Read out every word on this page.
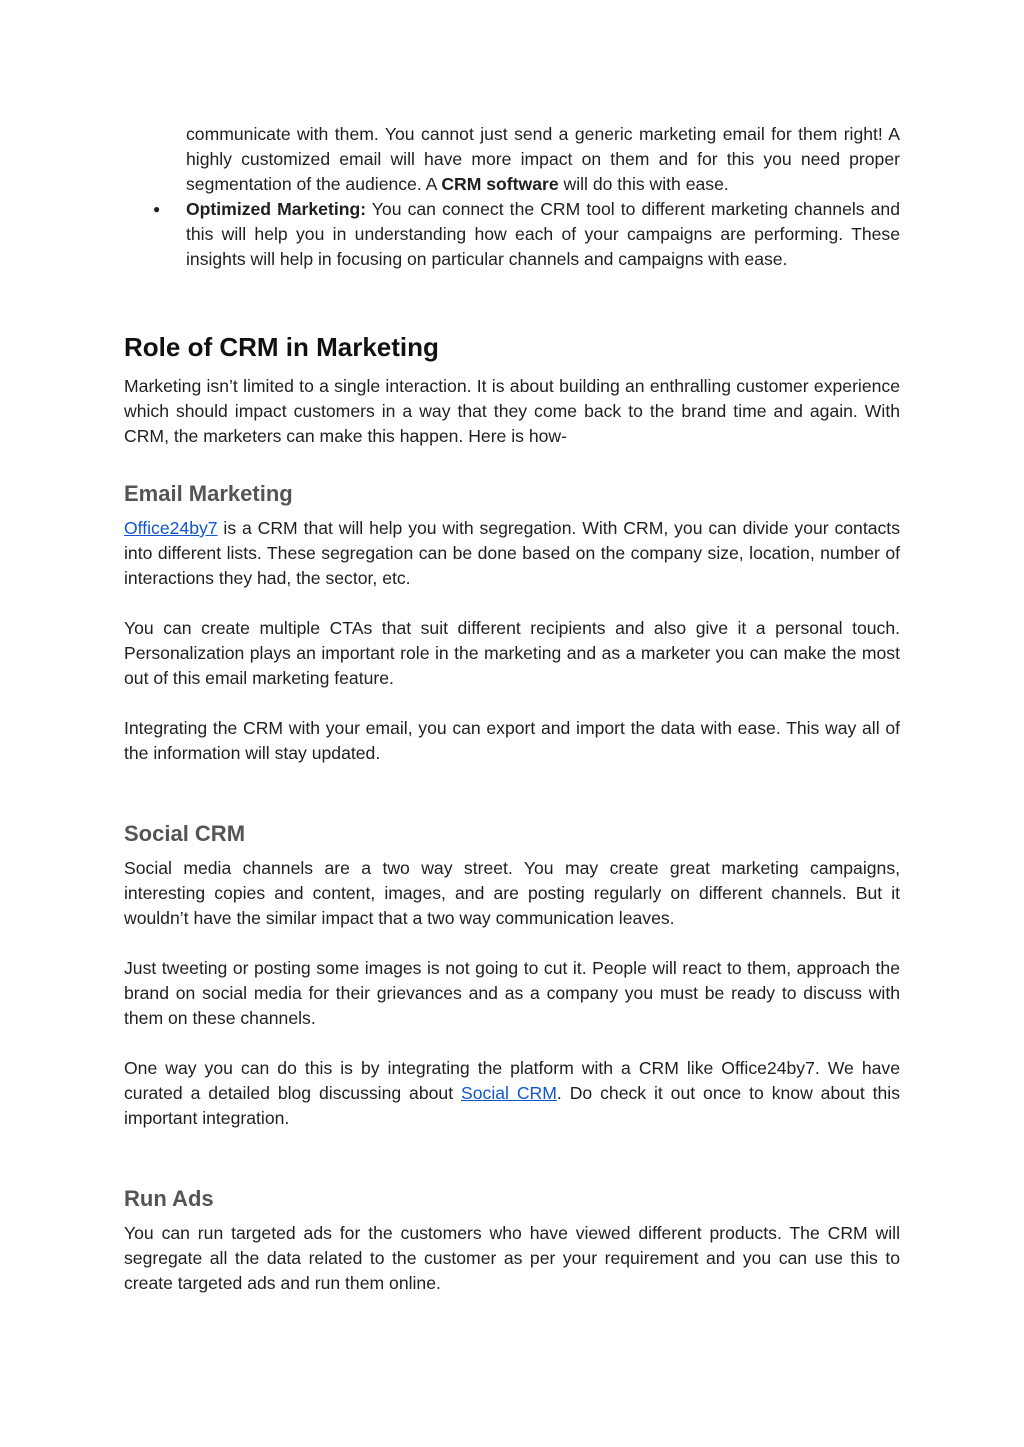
communicate with them. You cannot just send a generic marketing email for them right! A highly customized email will have more impact on them and for this you need proper segmentation of the audience. A CRM software will do this with ease.
● Optimized Marketing: You can connect the CRM tool to different marketing channels and this will help you in understanding how each of your campaigns are performing. These insights will help in focusing on particular channels and campaigns with ease.
Role of CRM in Marketing

Marketing isn’t limited to a single interaction. It is about building an enthralling customer experience which should impact customers in a way that they come back to the brand time and again. With CRM, the marketers can make this happen. Here is how-

Email Marketing

Office24by7 is a CRM that will help you with segregation. With CRM, you can divide your contacts into different lists. These segregation can be done based on the company size, location, number of interactions they had, the sector, etc.

You can create multiple CTAs that suit different recipients and also give it a personal touch. Personalization plays an important role in the marketing and as a marketer you can make the most out of this email marketing feature.

Integrating the CRM with your email, you can export and import the data with ease. This way all of the information will stay updated.

Social CRM

Social media channels are a two way street. You may create great marketing campaigns, interesting copies and content, images, and are posting regularly on different channels. But it wouldn’t have the similar impact that a two way communication leaves.

Just tweeting or posting some images is not going to cut it. People will react to them, approach the brand on social media for their grievances and as a company you must be ready to discuss with them on these channels.

One way you can do this is by integrating the platform with a CRM like Office24by7. We have curated a detailed blog discussing about Social CRM. Do check it out once to know about this important integration.

Run Ads

You can run targeted ads for the customers who have viewed different products. The CRM will segregate all the data related to the customer as per your requirement and you can use this to create targeted ads and run them online.
